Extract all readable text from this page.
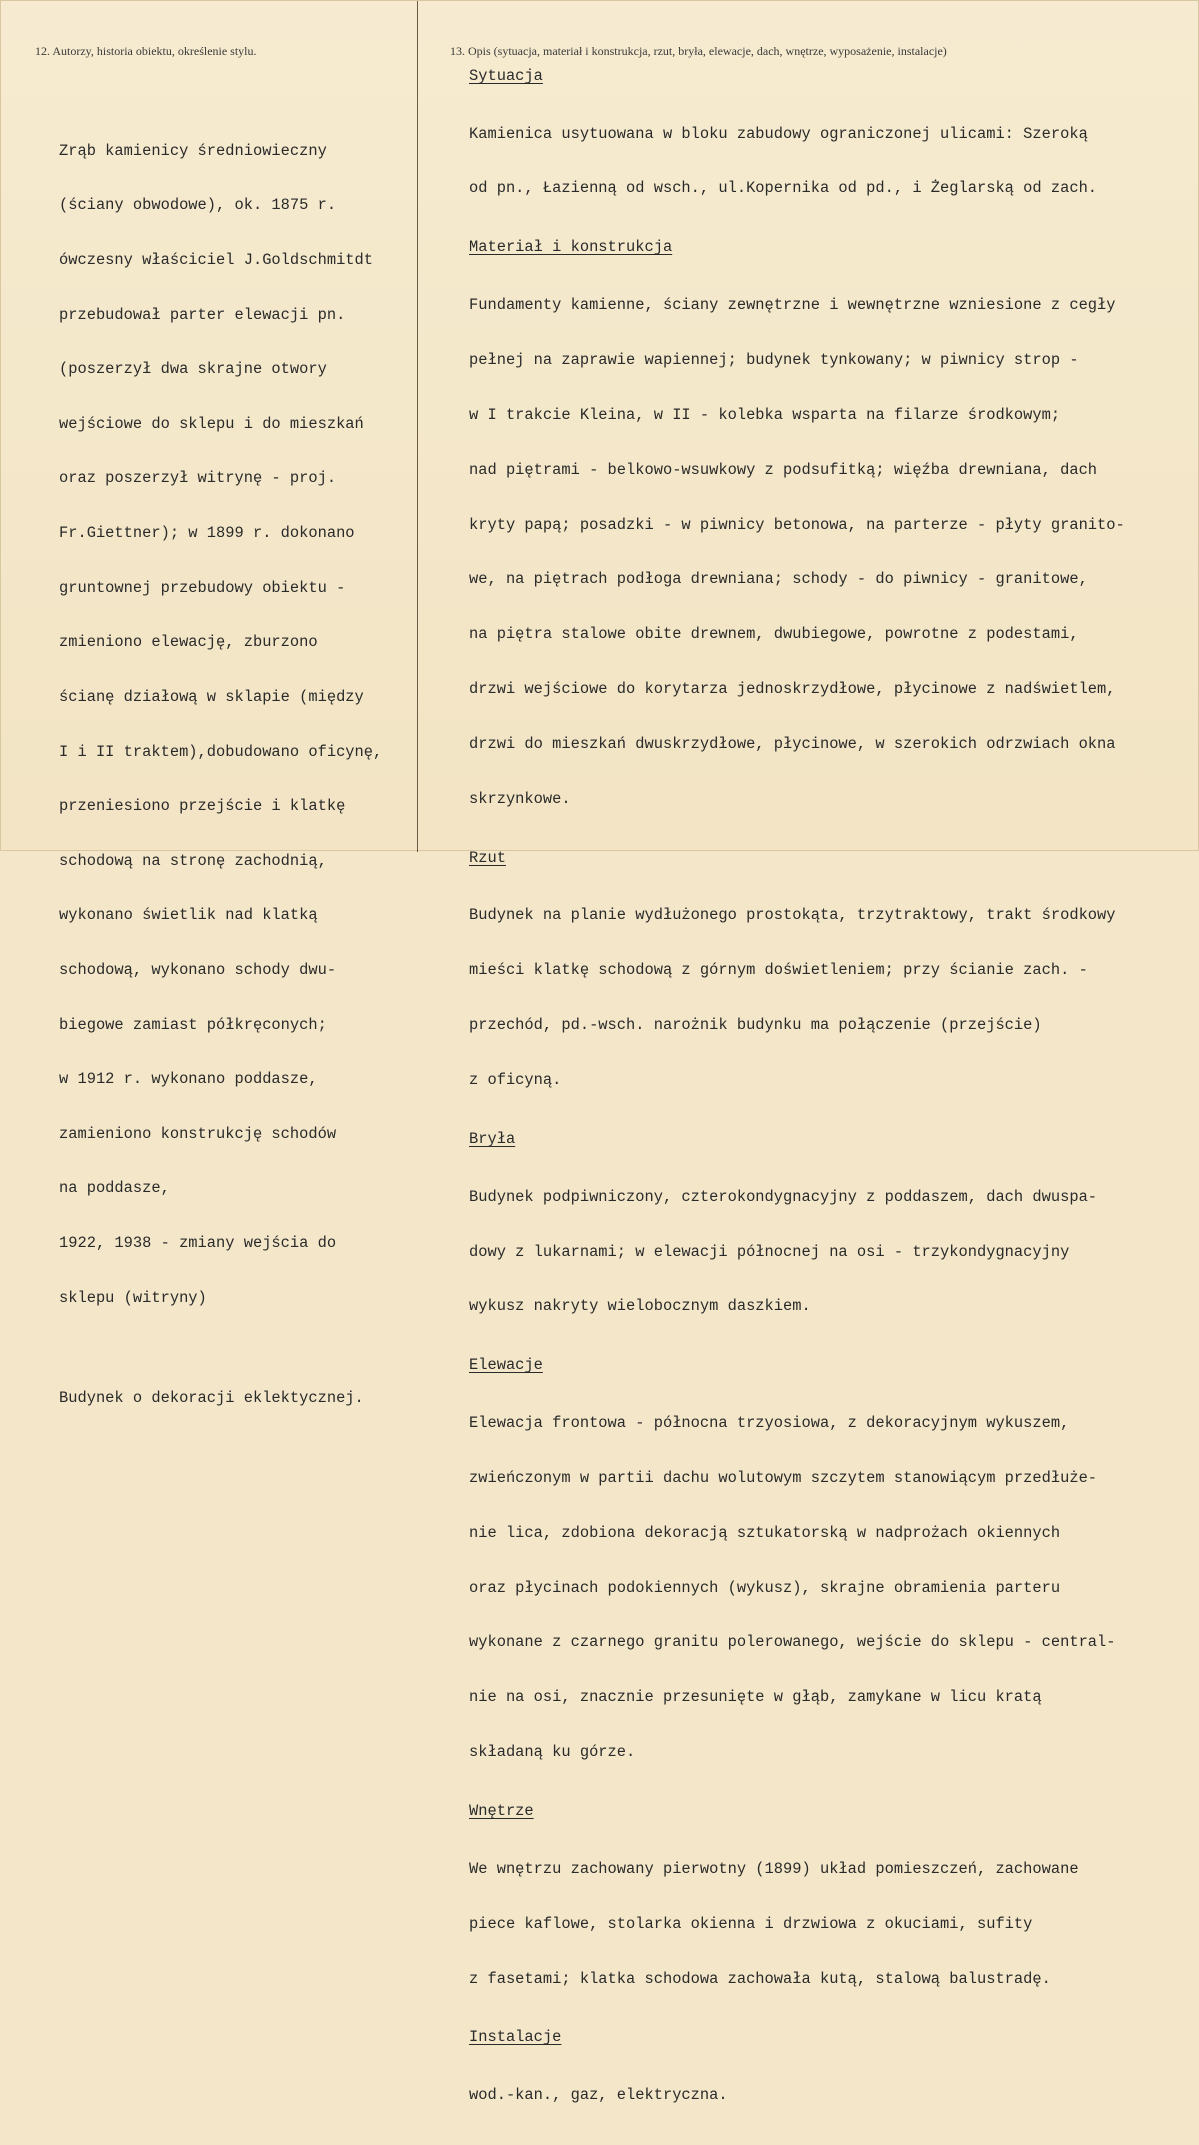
12. Autorzy, historia obiektu, określenie stylu.	13. Opis (sytuacja, materiał i konstrukcja, rzut, bryła, elewacje, dach, wnętrze, wyposażenie, instalacje)

Zrąb kamienicy średniowieczny

(ściany obwodowe), ok. 1875 r.

ówczesny właściciel J.Goldschmitdt

przebudował parter elewacji pn.

(poszerzył dwa skrajne otwory

wejściowe do sklepu i do mieszkań

oraz poszerzył witrynę - proj.

Fr.Giettner); w 1899 r. dokonano

gruntownej przebudowy obiektu -

zmieniono elewację, zburzono

ścianę działową w sklapie (między

I i II traktem),dobudowano oficynę,

przeniesiono przejście i klatkę

schodową na stronę zachodnią,

wykonano świetlik nad klatką

schodową, wykonano schody dwu-

biegowe zamiast półkręconych;

w 1912 r. wykonano poddasze,

zamieniono konstrukcję schodów

na poddasze,

1922, 1938 - zmiany wejścia do

sklepu (witryny)

Budynek o dekoracji eklektycznej.

Sytuacja

Kamienica usytuowana w bloku zabudowy ograniczonej ulicami: Szeroką

od pn., Łazienną od wsch., ul.Kopernika od pd., i Żeglarską od zach.

Materiał i konstrukcja

Fundamenty kamienne, ściany zewnętrzne i wewnętrzne wzniesione z cegły

pełnej na zaprawie wapiennej; budynek tynkowany; w piwnicy strop -

w I trakcie Kleina, w II - kolebka wsparta na filarze środkowym;

nad piętrami - belkowo-wsuwkowy z podsufitką; więźba drewniana, dach

kryty papą; posadzki - w piwnicy betonowa, na parterze - płyty granito-

we, na piętrach podłoga drewniana; schody - do piwnicy - granitowe,

na piętra stalowe obite drewnem, dwubiegowe, powrotne z podestami,

drzwi wejściowe do korytarza jednoskrzydłowe, płycinowe z nadświetlem,

drzwi do mieszkań dwuskrzydłowe, płycinowe, w szerokich odrzwiach okna

skrzynkowe.

Rzut

Budynek na planie wydłużonego prostokąta, trzytraktowy, trakt środkowy

mieści klatkę schodową z górnym doświetleniem; przy ścianie zach. -

przechód, pd.-wsch. narożnik budynku ma połączenie (przejście)

z oficyną.

Bryła

Budynek podpiwniczony, czterokondygnacyjny z poddaszem, dach dwuspa-

dowy z lukarnami; w elewacji północnej na osi - trzykondygnacyjny

wykusz nakryty wielobocznym daszkiem.

Elewacje

Elewacja frontowa - północna trzyosiowa, z dekoracyjnym wykuszem,

zwieńczonym w partii dachu wolutowym szczytem stanowiącym przedłuże-

nie lica, zdobiona dekoracją sztukatorską w nadprożach okiennych

oraz płycinach podokiennych (wykusz), skrajne obramienia parteru

wykonane z czarnego granitu polerowanego, wejście do sklepu - central-

nie na osi, znacznie przesunięte w głąb, zamykane w licu kratą

składaną ku górze.

Wnętrze

We wnętrzu zachowany pierwotny (1899) układ pomieszczeń, zachowane

piece kaflowe, stolarka okienna i drzwiowa z okuciami, sufity

z fasetami; klatka schodowa zachowała kutą, stalową balustradę.

Instalacje

wod.-kan., gaz, elektryczna.
